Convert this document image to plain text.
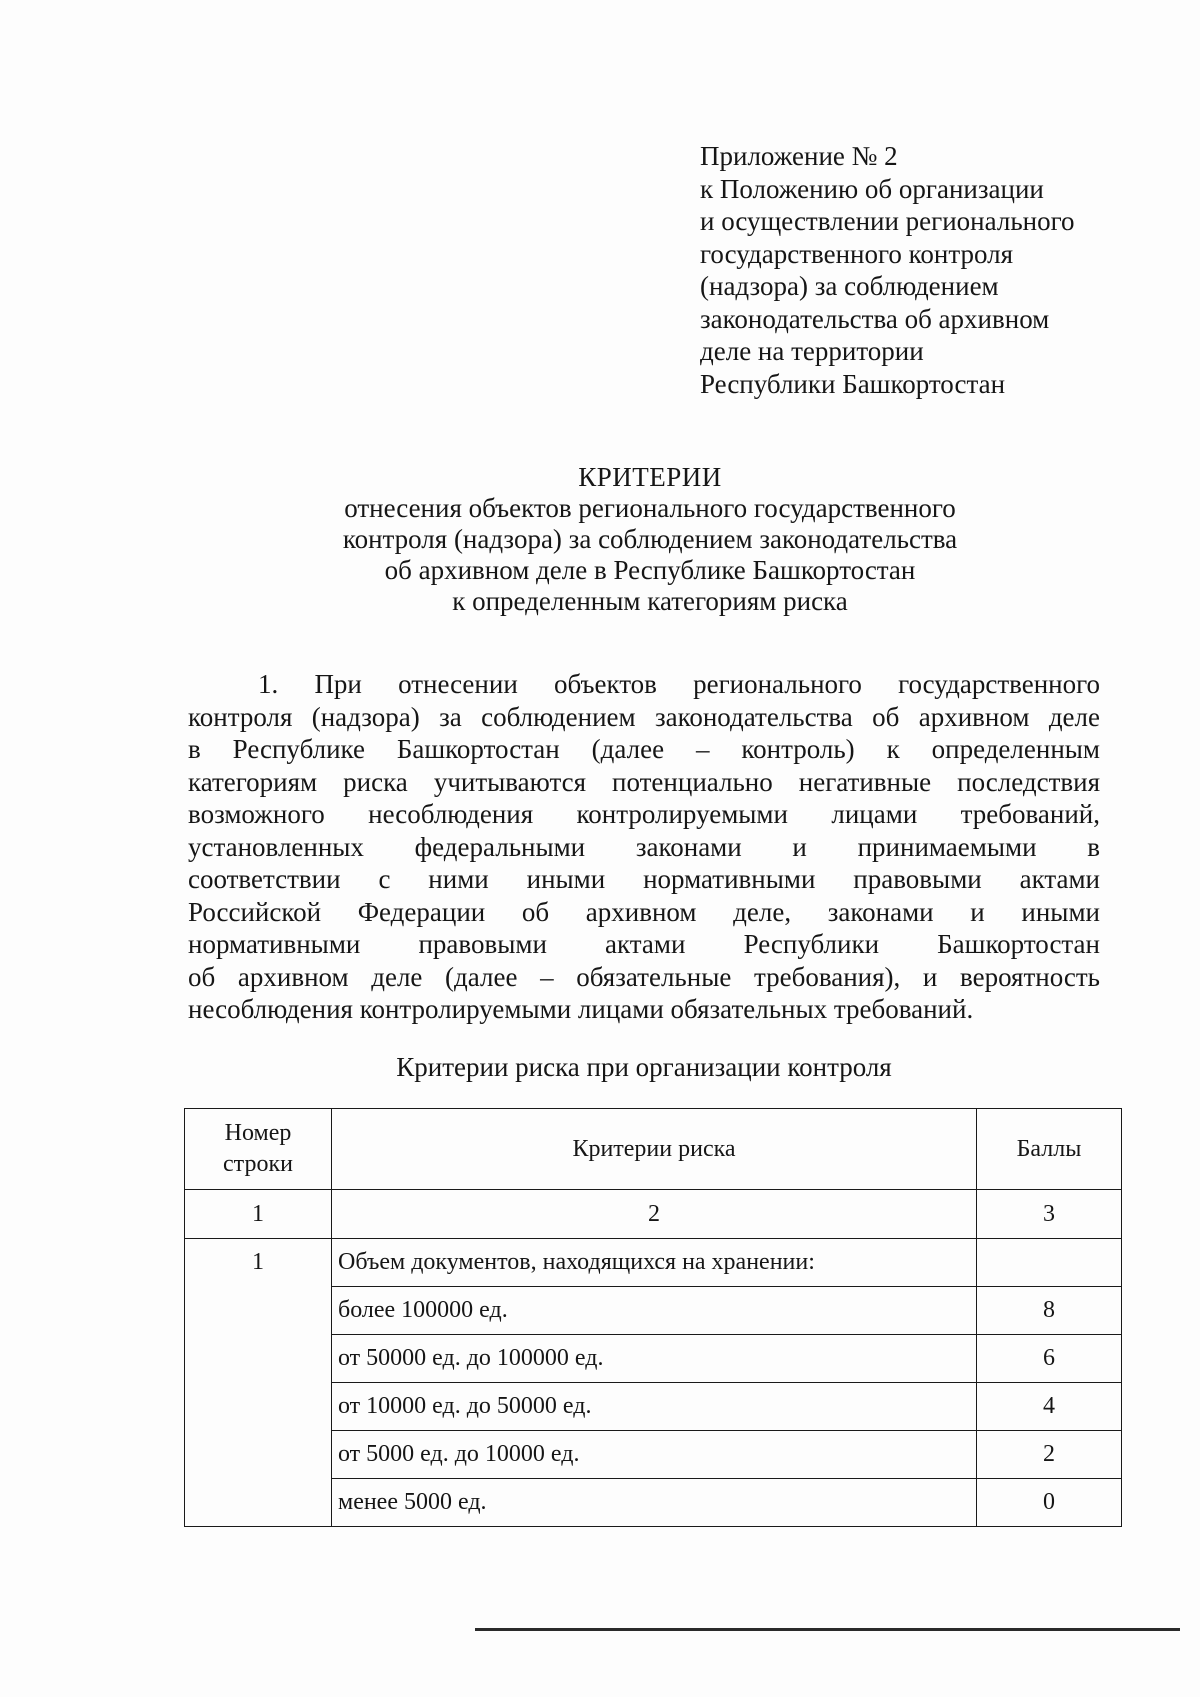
Приложение № 2
к Положению об организации
и осуществлении регионального
государственного контроля
(надзора) за соблюдением
законодательства об архивном
деле на территории
Республики Башкортостан
КРИТЕРИИ
отнесения объектов регионального государственного
контроля (надзора) за соблюдением законодательства
об архивном деле в Республике Башкортостан
к определенным категориям риска
1. При отнесении объектов регионального государственного
контроля (надзора) за соблюдением законодательства об архивном деле
в Республике Башкортостан (далее – контроль) к определенным
категориям риска учитываются потенциально негативные последствия
возможного несоблюдения контролируемыми лицами требований,
установленных федеральными законами и принимаемыми в
соответствии с ними иными нормативными правовыми актами
Российской Федерации об архивном деле, законами и иными
нормативными правовыми актами Республики Башкортостан
об архивном деле (далее – обязательные требования), и вероятность
несоблюдения контролируемыми лицами обязательных требований.
Критерии риска при организации контроля
Номер
строки	Критерии риска	Баллы
1	2	3
1	Объем документов, находящихся на хранении:	
	более 100000 ед.	8
	от 50000 ед. до 100000 ед.	6
	от 10000 ед. до 50000 ед.	4
	от 5000 ед. до 10000 ед.	2
	менее 5000 ед.	0
